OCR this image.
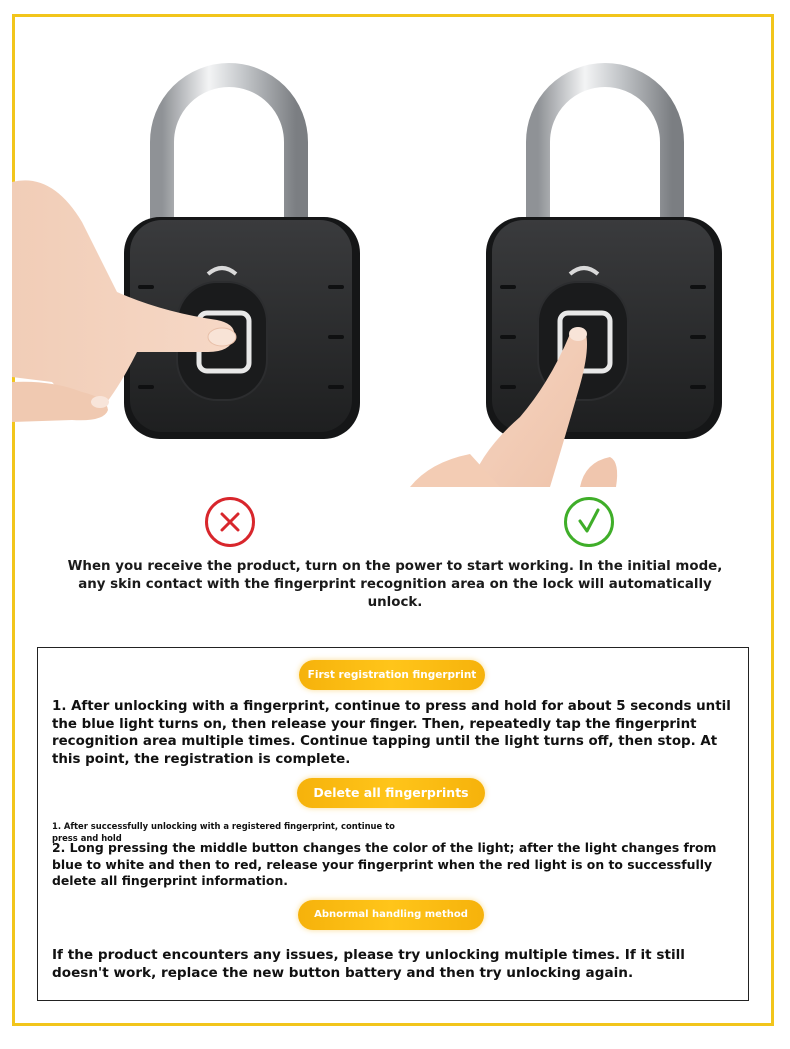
When you receive the product, turn on the power to start working. In the initial mode, any skin contact with the fingerprint recognition area on the lock will automatically unlock.
First registration fingerprint
1. After unlocking with a fingerprint, continue to press and hold for about 5 seconds until the blue light turns on, then release your finger. Then, repeatedly tap the fingerprint recognition area multiple times. Continue tapping until the light turns off, then stop. At this point, the registration is complete.
Delete all fingerprints
1. After successfully unlocking with a registered fingerprint, continue to press and hold
2. Long pressing the middle button changes the color of the light; after the light changes from blue to white and then to red, release your fingerprint when the red light is on to successfully delete all fingerprint information.
Abnormal handling method
If the product encounters any issues, please try unlocking multiple times. If it still doesn't work, replace the new button battery and then try unlocking again.
